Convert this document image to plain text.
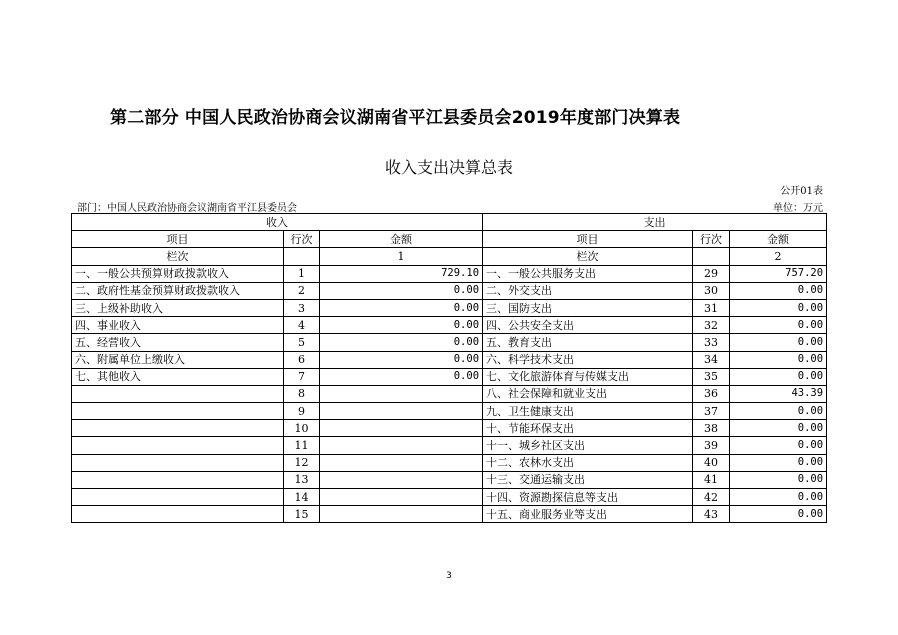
第二部分 中国人民政治协商会议湖南省平江县委员会2019年度部门决算表
收入支出决算总表
公开01表
部门：中国人民政治协商会议湖南省平江县委员会	单位：万元
收入			支出		
项目	行次	金额	项目	行次	金额
栏次		1	栏次		2
一、一般公共预算财政拨款收入	1	729.10	一、一般公共服务支出	29	757.20
二、政府性基金预算财政拨款收入	2	0.00	二、外交支出	30	0.00
三、上级补助收入	3	0.00	三、国防支出	31	0.00
四、事业收入	4	0.00	四、公共安全支出	32	0.00
五、经营收入	5	0.00	五、教育支出	33	0.00
六、附属单位上缴收入	6	0.00	六、科学技术支出	34	0.00
七、其他收入	7	0.00	七、文化旅游体育与传媒支出	35	0.00
	8		八、社会保障和就业支出	36	43.39
	9		九、卫生健康支出	37	0.00
	10		十、节能环保支出	38	0.00
	11		十一、城乡社区支出	39	0.00
	12		十二、农林水支出	40	0.00
	13		十三、交通运输支出	41	0.00
	14		十四、资源勘探信息等支出	42	0.00
	15		十五、商业服务业等支出	43	0.00
3
